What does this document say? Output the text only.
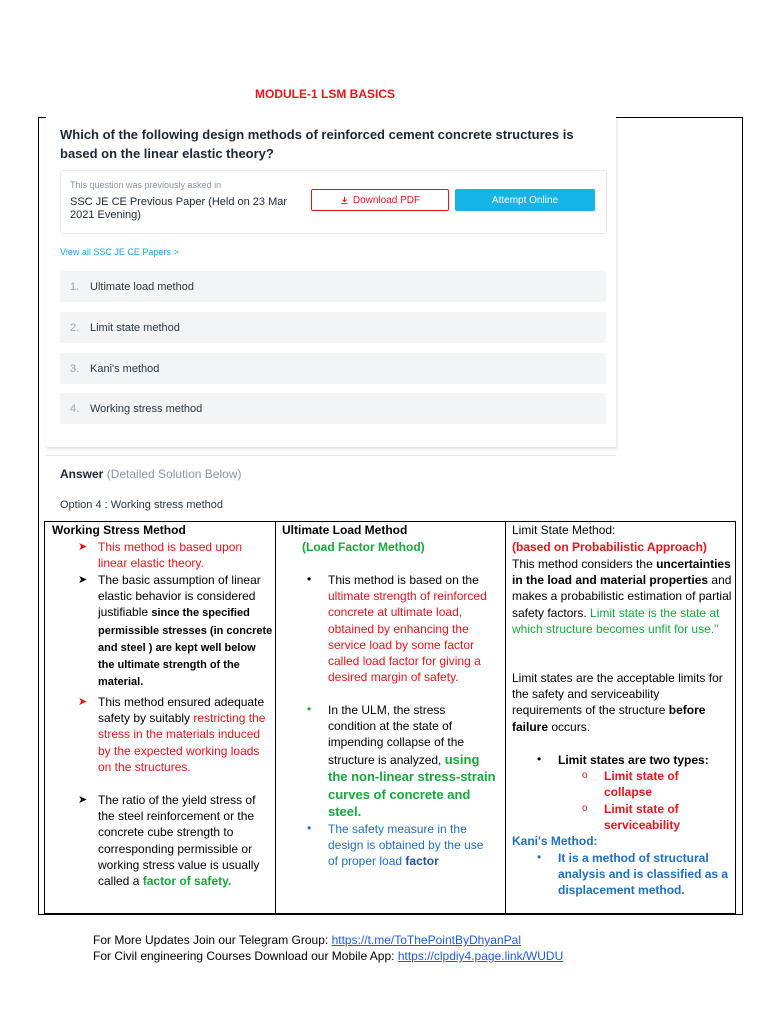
MODULE-1 LSM BASICS
Which of the following design methods of reinforced cement concrete structures is based on the linear elastic theory?
This question was previously asked in
SSC JE CE Previous Paper (Held on 23 Mar 2021 Evening)
Download PDF	Attempt Online
View all SSC JE CE Papers >
1. Ultimate load method
2. Limit state method
3. Kani's method
4. Working stress method
Answer (Detailed Solution Below)
Option 4 : Working stress method
Working Stress Method
➤ This method is based upon linear elastic theory.
➤ The basic assumption of linear elastic behavior is considered justifiable since the specified permissible stresses (in concrete and steel ) are kept well below the ultimate strength of the material.
➤ This method ensured adequate safety by suitably restricting the stress in the materials induced by the expected working loads on the structures.
➤ The ratio of the yield stress of the steel reinforcement or the concrete cube strength to corresponding permissible or working stress value is usually called a factor of safety.
Ultimate Load Method
(Load Factor Method)
• This method is based on the ultimate strength of reinforced concrete at ultimate load, obtained by enhancing the service load by some factor called load factor for giving a desired margin of safety.
• In the ULM, the stress condition at the state of impending collapse of the structure is analyzed, using the non-linear stress-strain curves of concrete and steel.
• The safety measure in the design is obtained by the use of proper load factor
Limit State Method:
(based on Probabilistic Approach)
This method considers the uncertainties in the load and material properties and makes a probabilistic estimation of partial safety factors. Limit state is the state at which structure becomes unfit for use."
Limit states are the acceptable limits for the safety and serviceability requirements of the structure before failure occurs.
• Limit states are two types:
o Limit state of collapse
o Limit state of serviceability
Kani's Method:
• It is a method of structural analysis and is classified as a displacement method.
For More Updates Join our Telegram Group: https://t.me/ToThePointByDhyanPal
For Civil engineering Courses Download our Mobile App: https://clpdiy4.page.link/WUDU
